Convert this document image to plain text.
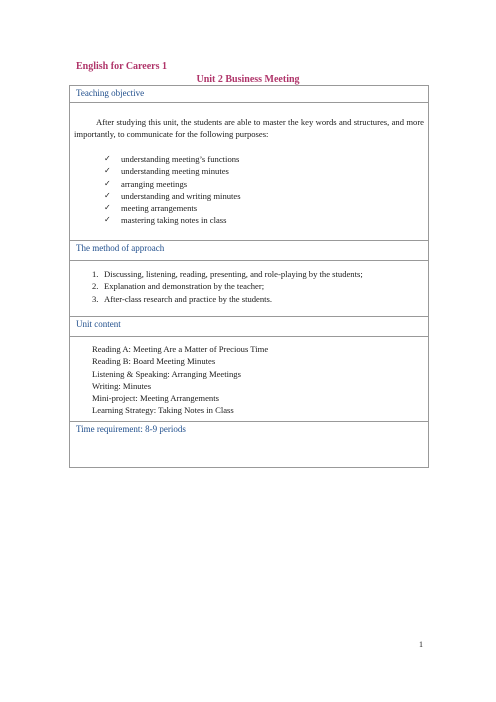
English for Careers 1
Unit 2 Business Meeting
Teaching objective
After studying this unit, the students are able to master the key words and structures, and more importantly, to communicate for the following purposes:
✓ understanding meeting’s functions
✓ understanding meeting minutes
✓ arranging meetings
✓ understanding and writing minutes
✓ meeting arrangements
✓ mastering taking notes in class
The method of approach
1. Discussing, listening, reading, presenting, and role-playing by the students;
2. Explanation and demonstration by the teacher;
3. After-class research and practice by the students.
Unit content
Reading A: Meeting Are a Matter of Precious Time
Reading B: Board Meeting Minutes
Listening & Speaking: Arranging Meetings
Writing: Minutes
Mini-project: Meeting Arrangements
Learning Strategy: Taking Notes in Class
Time requirement: 8-9 periods
1
